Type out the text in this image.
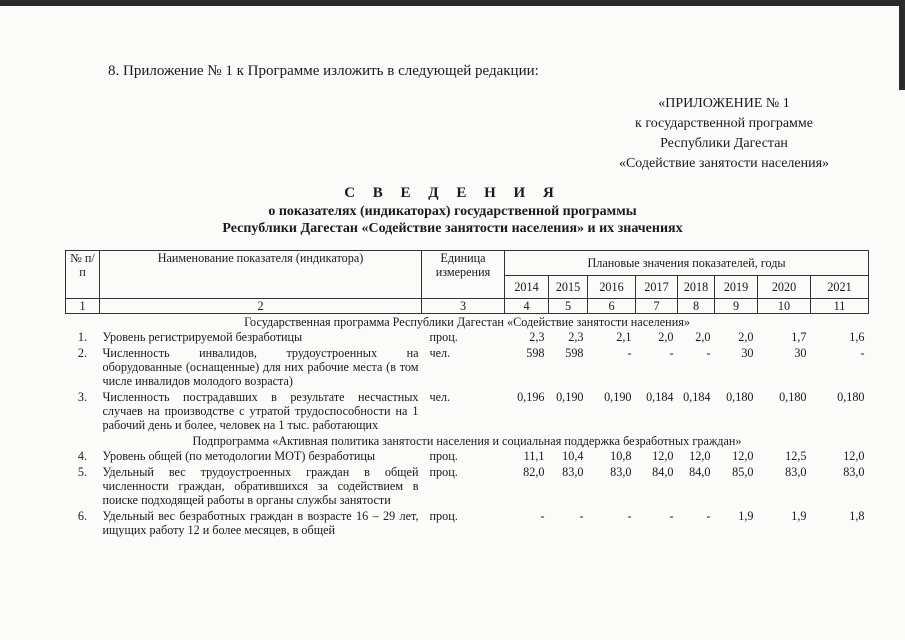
8. Приложение № 1 к Программе изложить в следующей редакции:
«ПРИЛОЖЕНИЕ № 1
к государственной программе
Республики Дагестан
«Содействие занятости населения»
С В Е Д Е Н И Я
о показателях (индикаторах) государственной программы
Республики Дагестан «Содействие занятости населения» и их значениях
№ п/п	Наименование показателя (индикатора)	Единица измерения	Плановые значения показателей, годы							
			2014	2015	2016	2017	2018	2019	2020	2021
1	2	3	4	5	6	7	8	9	10	11
Государственная программа Республики Дагестан «Содействие занятости населения»										
1.	Уровень регистрируемой безработицы	проц.	2,3	2,3	2,1	2,0	2,0	2,0	1,7	1,6
2.	Численность инвалидов, трудоустроенных на оборудованные (оснащенные) для них рабочие места (в том числе инвалидов молодого возраста)	чел.	598	598	-	-	-	30	30	-
3.	Численность пострадавших в результате несчастных случаев на производстве с утратой трудоспособности на 1 рабочий день и более, человек на 1 тыс. работающих	чел.	0,196	0,190	0,190	0,184	0,184	0,180	0,180	0,180
Подпрограмма «Активная политика занятости населения и социальная поддержка безработных граждан»										
4.	Уровень общей (по методологии МОТ) безработицы	проц.	11,1	10,4	10,8	12,0	12,0	12,0	12,5	12,0
5.	Удельный вес трудоустроенных граждан в общей численности граждан, обратившихся за содействием в поиске подходящей работы в органы службы занятости	проц.	82,0	83,0	83,0	84,0	84,0	85,0	83,0	83,0
6.	Удельный вес безработных граждан в возрасте 16 – 29 лет, ищущих работу 12 и более месяцев, в общей	проц.	-	-	-	-	-	1,9	1,9	1,8
